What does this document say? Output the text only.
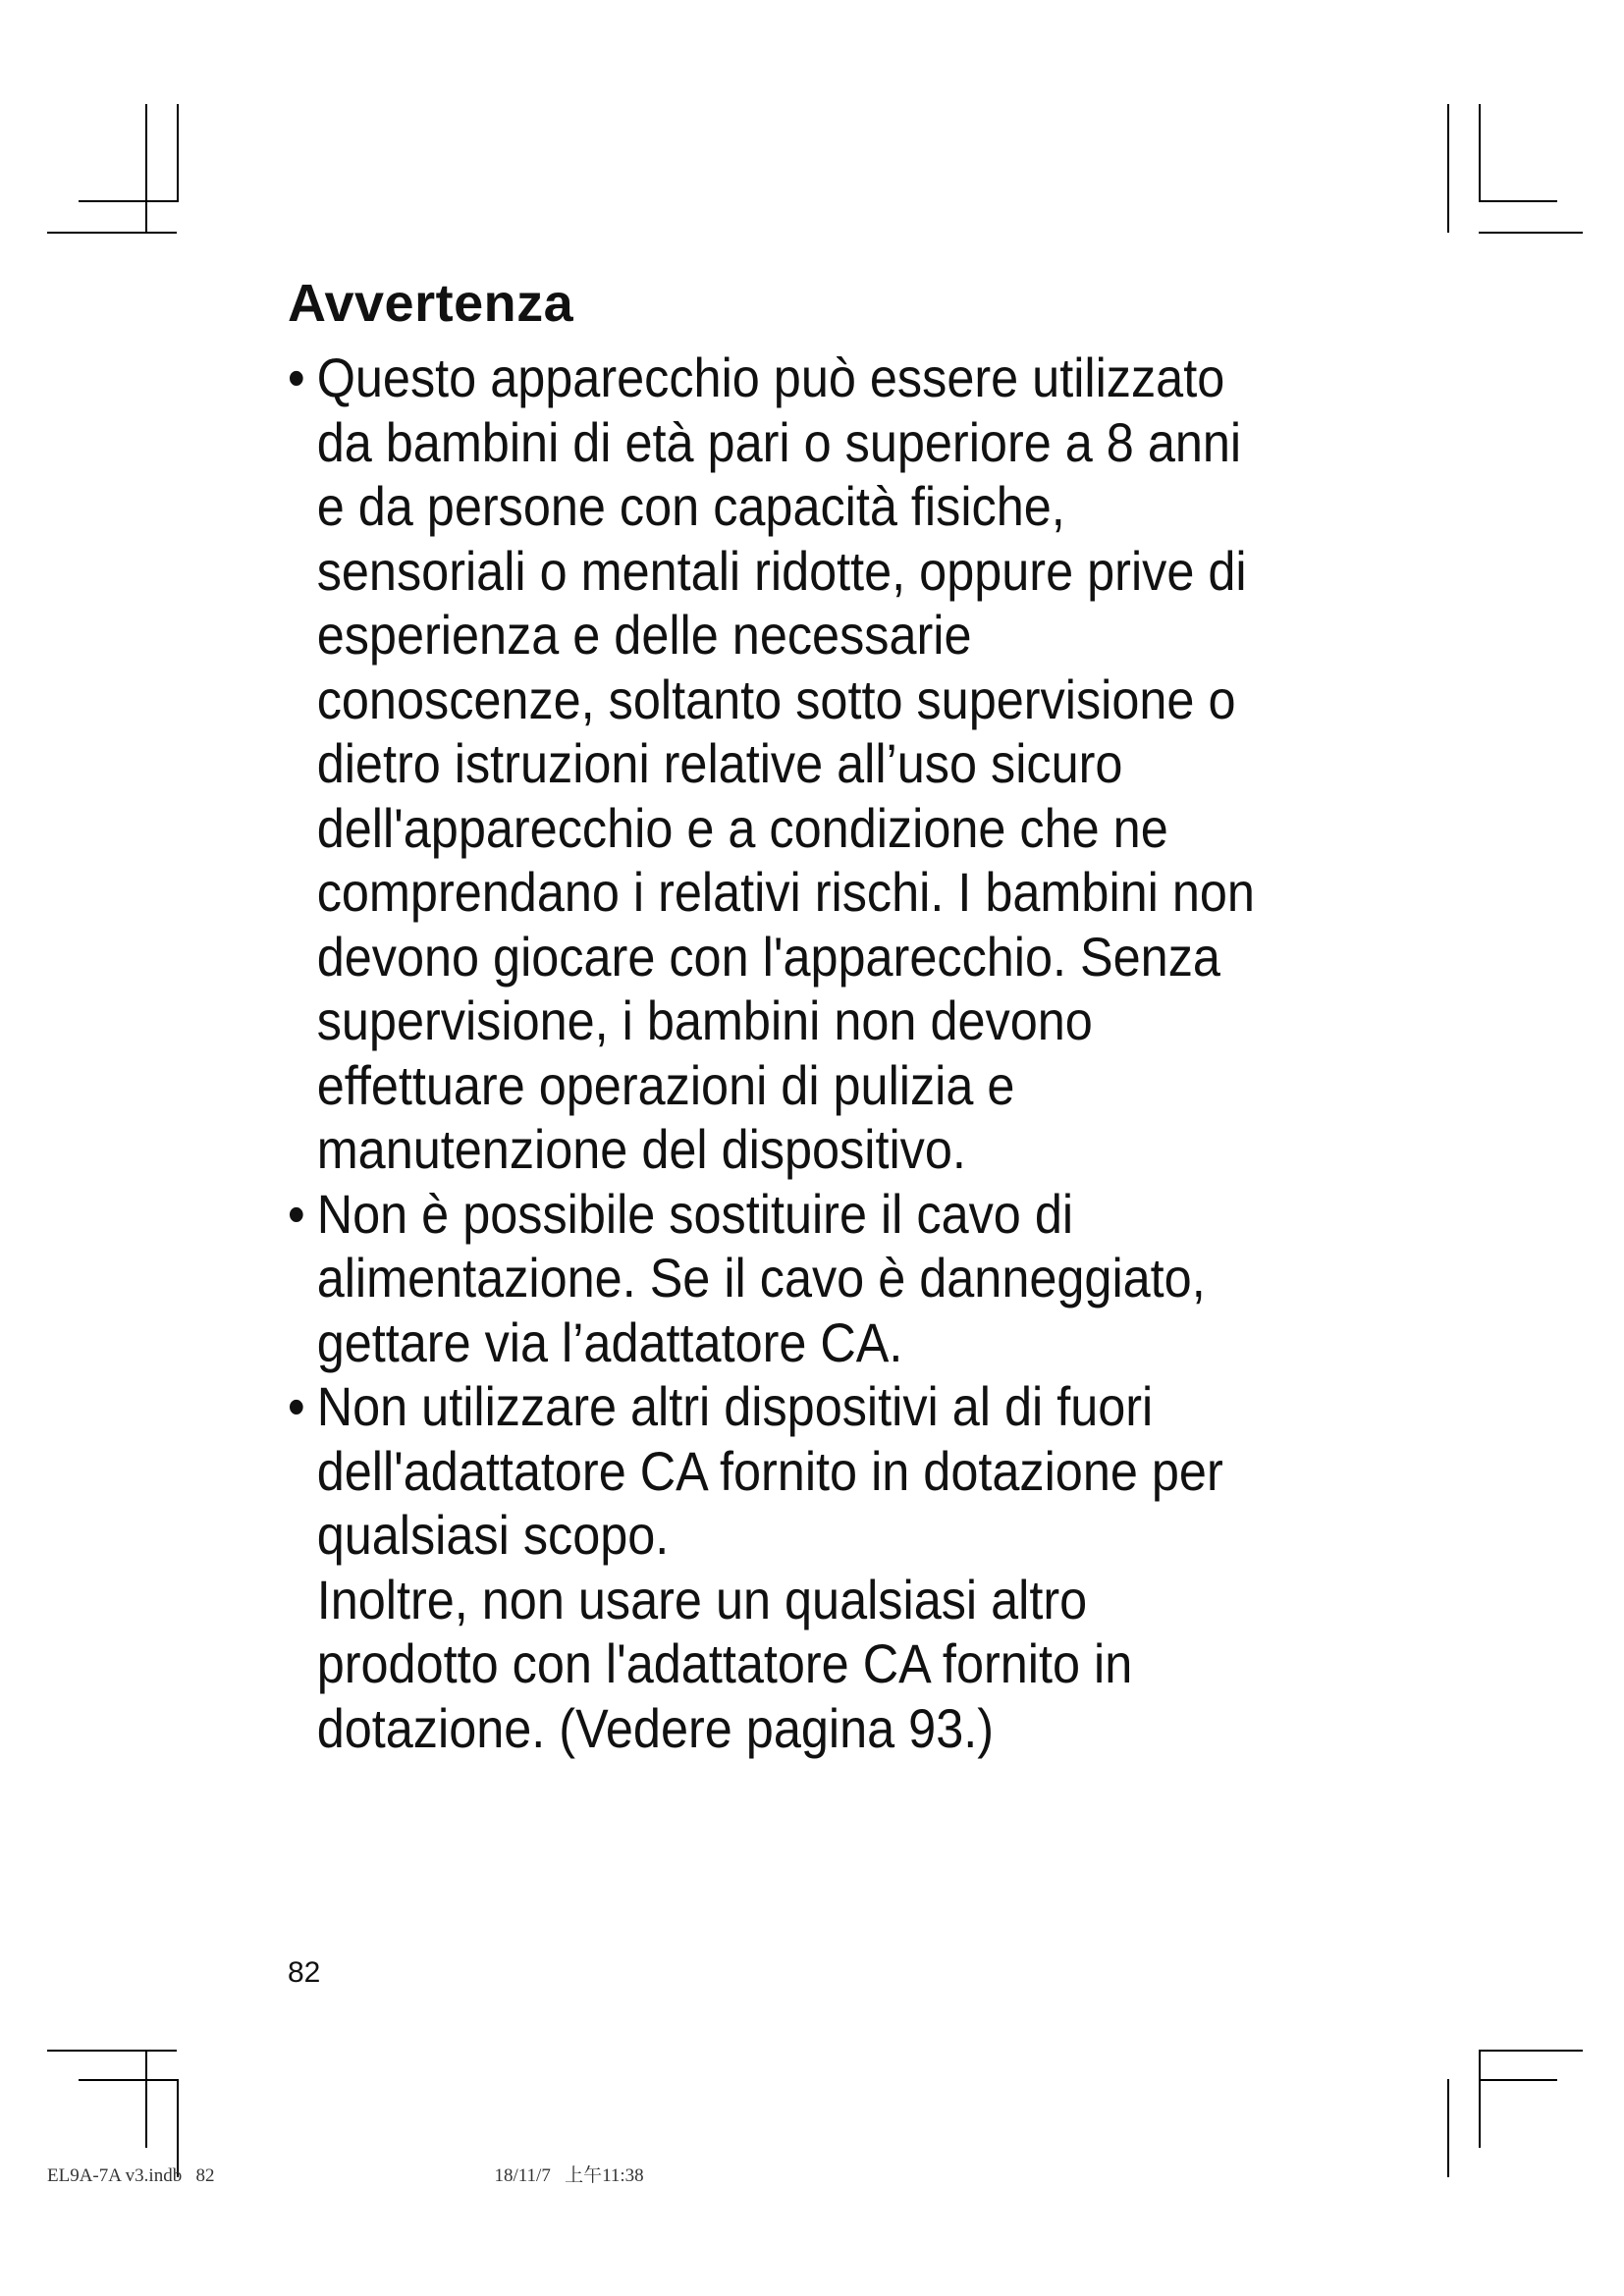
Avvertenza
• Questo apparecchio può essere utilizzato da bambini di età pari o superiore a 8 anni e da persone con capacità fisiche, sensoriali o mentali ridotte, oppure prive di esperienza e delle necessarie conoscenze, soltanto sotto supervisione o dietro istruzioni relative all’uso sicuro dell'apparecchio e a condizione che ne comprendano i relativi rischi. I bambini non devono giocare con l'apparecchio. Senza supervisione, i bambini non devono effettuare operazioni di pulizia e manutenzione del dispositivo.

• Non è possibile sostituire il cavo di alimentazione. Se il cavo è danneggiato, gettare via l’adattatore CA.

• Non utilizzare altri dispositivi al di fuori dell'adattatore CA fornito in dotazione per qualsiasi scopo.

Inoltre, non usare un qualsiasi altro prodotto con l'adattatore CA fornito in dotazione. (Vedere pagina 93.)

82

EL9A-7A v3.indb   82                                                            18/11/7   上午11:38
